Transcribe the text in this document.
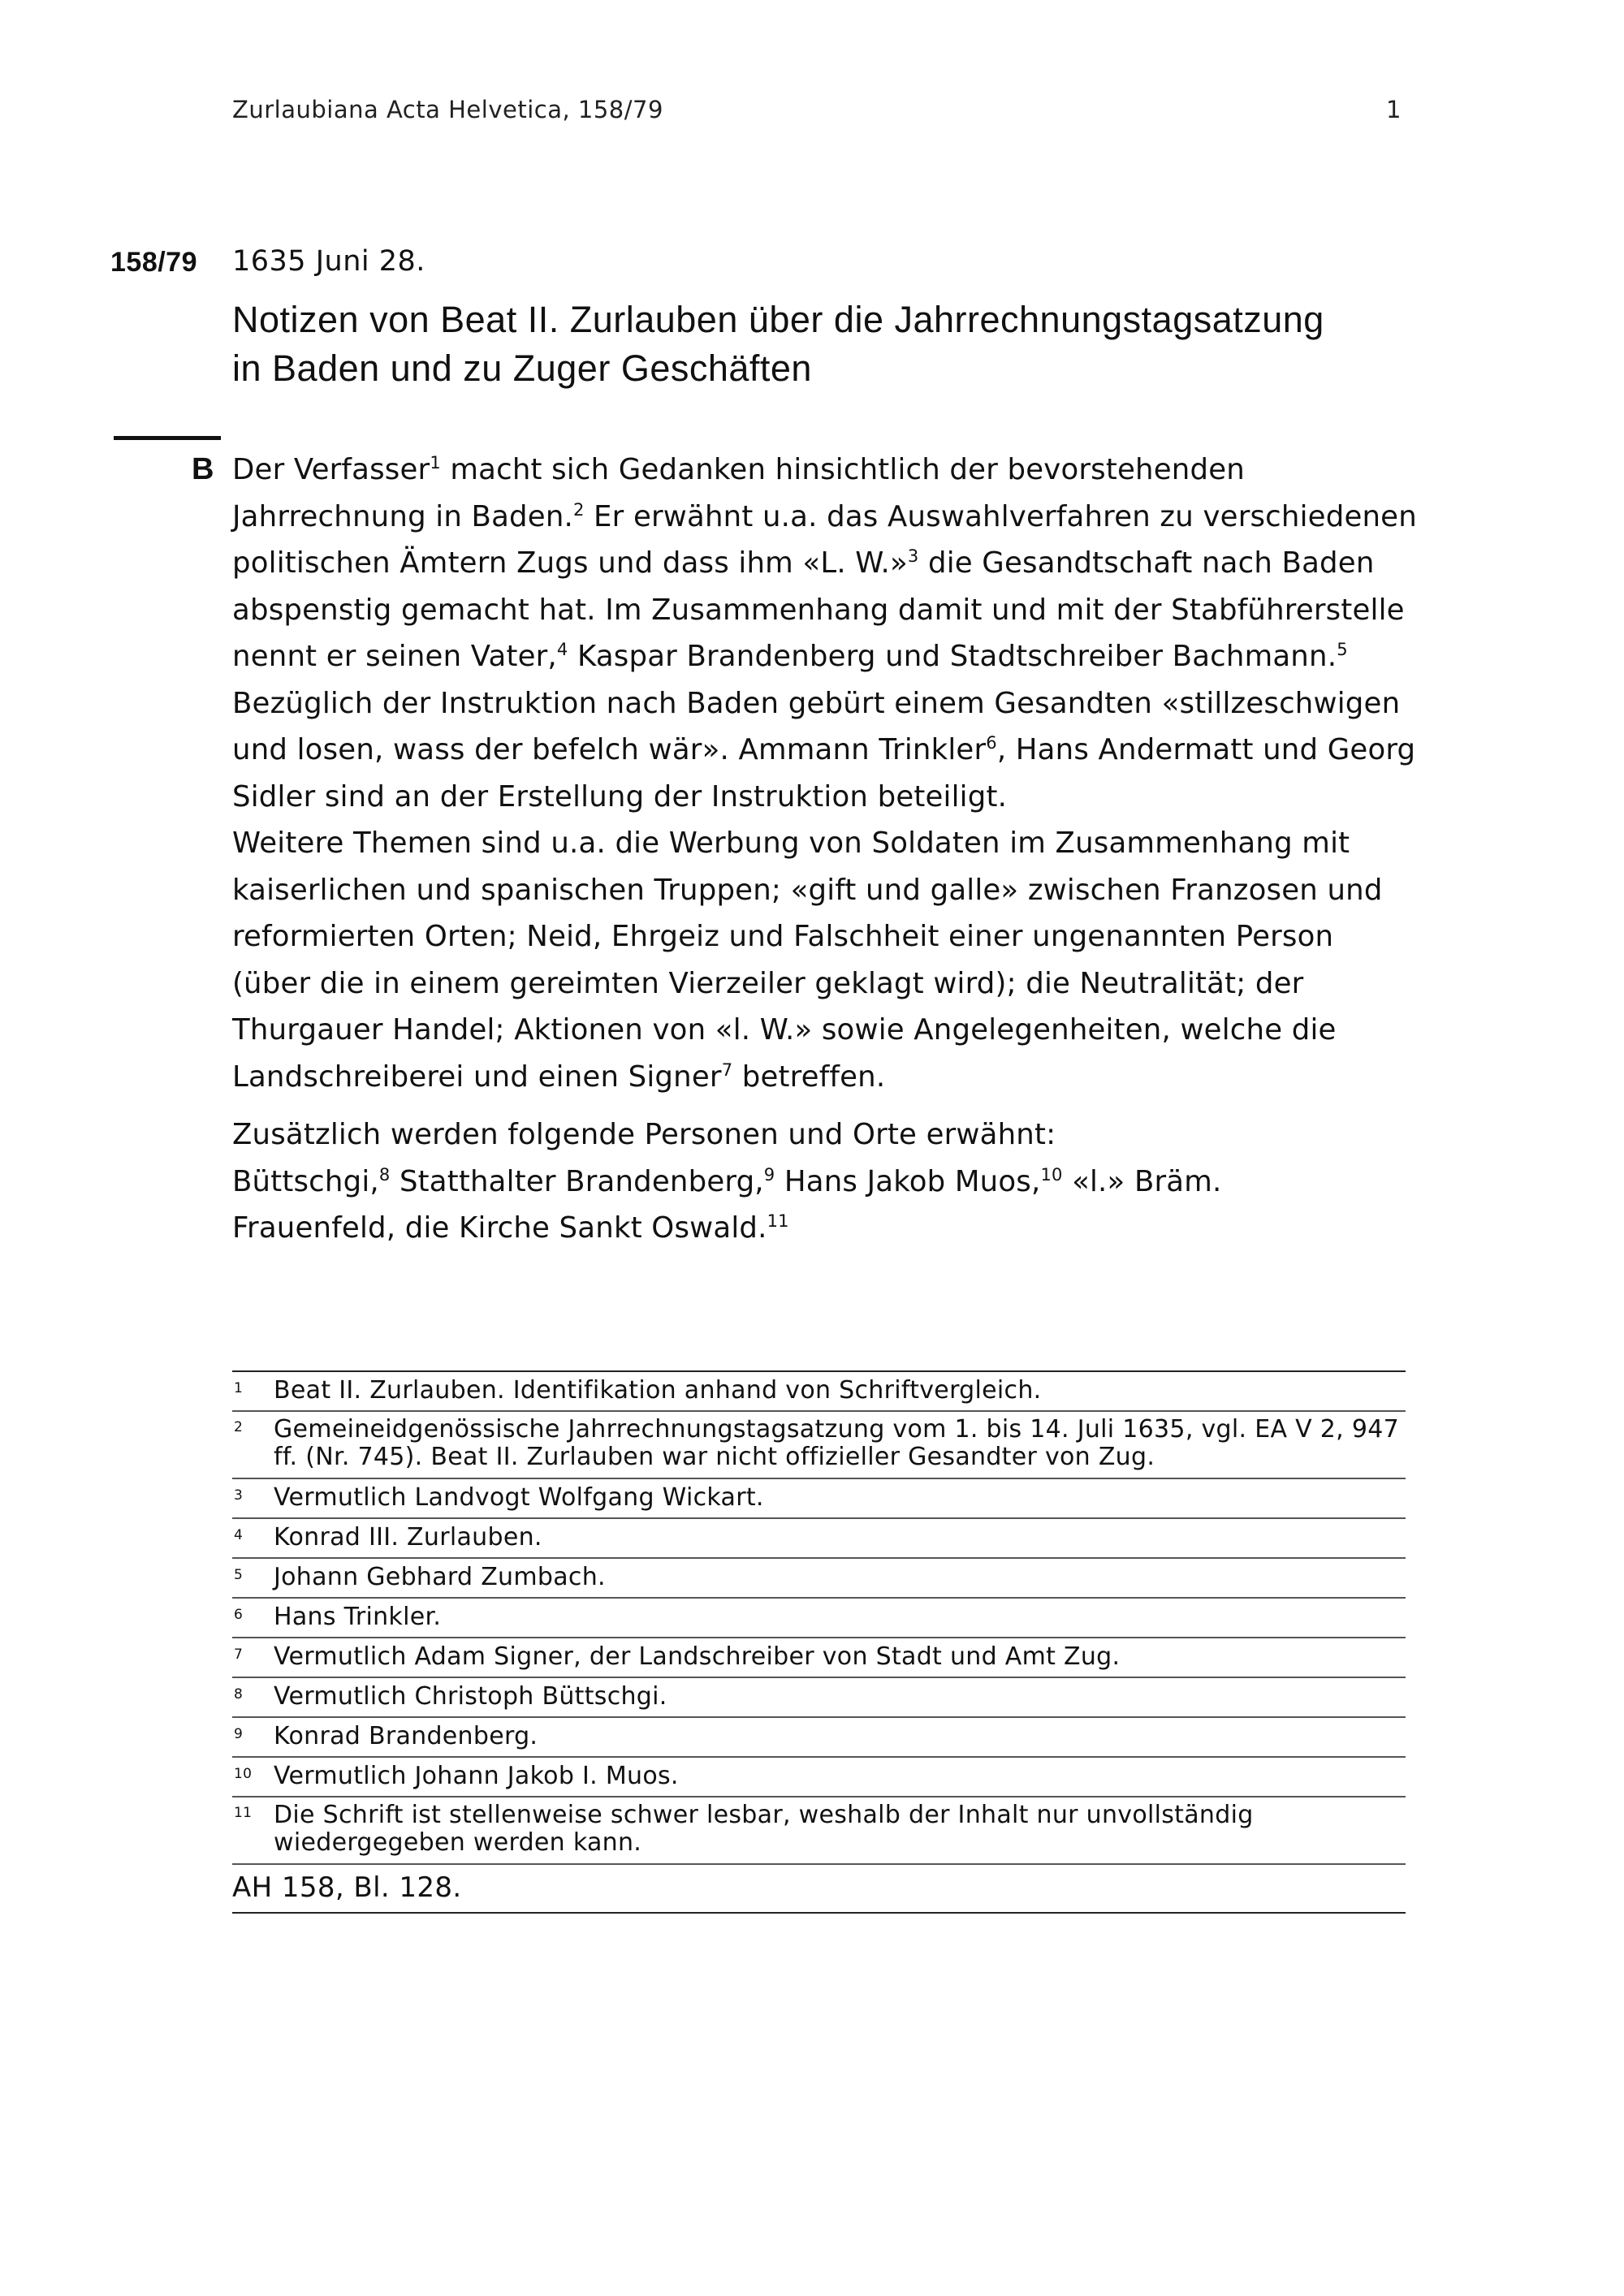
Zurlaubiana Acta Helvetica, 158/79	1
158/79 1635 Juni 28.
Notizen von Beat II. Zurlauben über die Jahrrechnungstagsatzung
in Baden und zu Zuger Geschäften
B Der Verfasser$^1$ macht sich Gedanken hinsichtlich der bevorstehenden Jahrrechnung in Baden.$^2$ Er erwähnt u.a. das Auswahlverfahren zu verschiedenen politischen Ämtern Zugs und dass ihm «L. W.»$^3$ die Gesandtschaft nach Baden abspenstig gemacht hat. Im Zusammenhang damit und mit der Stabführerstelle nennt er seinen Vater,$^4$ Kaspar Brandenberg und Stadtschreiber Bachmann.$^5$ Bezüglich der Instruktion nach Baden gebürt einem Gesandten «stillzeschwigen und losen, wass der befelch wär». Ammann Trinkler$^6$, Hans Andermatt und Georg Sidler sind an der Erstellung der Instruktion beteiligt.

Weitere Themen sind u.a. die Werbung von Soldaten im Zusammenhang mit kaiserlichen und spanischen Truppen; «gift und galle» zwischen Franzosen und reformierten Orten; Neid, Ehrgeiz und Falschheit einer ungenannten Person (über die in einem gereimten Vierzeiler geklagt wird); die Neutralität; der Thurgauer Handel; Aktionen von «l. W.» sowie Angelegenheiten, welche die Landschreiberei und einen Signer$^7$ betreffen.

Zusätzlich werden folgende Personen und Orte erwähnt:
Büttschgi,$^8$ Statthalter Brandenberg,$^9$ Hans Jakob Muos,$^{10}$ «l.» Bräm.
Frauenfeld, die Kirche Sankt Oswald.$^{11}$

1 Beat II. Zurlauben. Identifikation anhand von Schriftvergleich.
2 Gemeineidgenössische Jahrrechnungstagsatzung vom 1. bis 14. Juli 1635, vgl. EA V 2, 947 ff. (Nr. 745). Beat II. Zurlauben war nicht offizieller Gesandter von Zug.
3 Vermutlich Landvogt Wolfgang Wickart.
4 Konrad III. Zurlauben.
5 Johann Gebhard Zumbach.
6 Hans Trinkler.
7 Vermutlich Adam Signer, der Landschreiber von Stadt und Amt Zug.
8 Vermutlich Christoph Büttschgi.
9 Konrad Brandenberg.
10 Vermutlich Johann Jakob I. Muos.
11 Die Schrift ist stellenweise schwer lesbar, weshalb der Inhalt nur unvollständig wiedergegeben werden kann.
AH 158, Bl. 128.
